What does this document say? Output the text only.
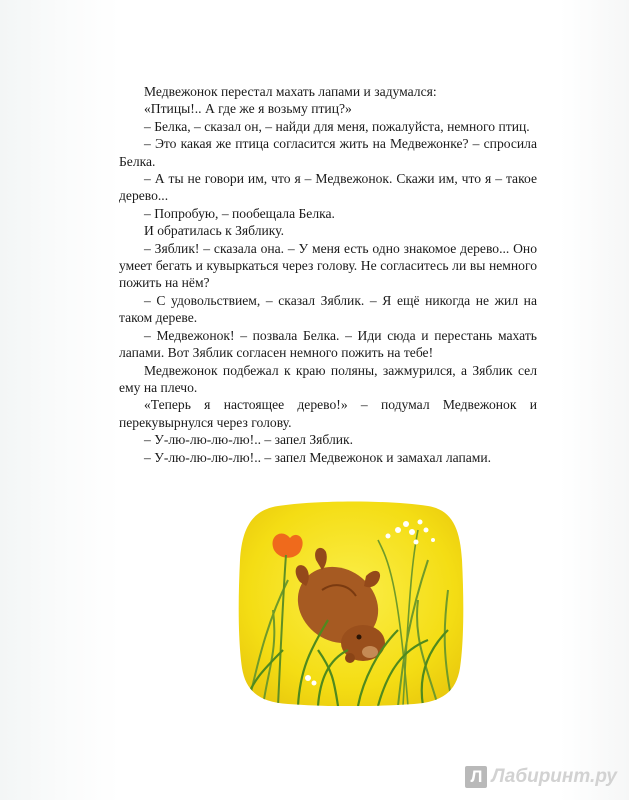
Медвежонок перестал махать лапами и задумался:

«Птицы!.. А где же я возьму птиц?»

– Белка, – сказал он, – найди для меня, пожалуйста, немного птиц.

– Это какая же птица согласится жить на Медвежонке? – спросила Белка.

– А ты не говори им, что я – Медвежонок. Скажи им, что я – такое дерево...

– Попробую, – пообещала Белка.

И обратилась к Зяблику.

– Зяблик! – сказала она. – У меня есть одно знакомое дерево... Оно умеет бегать и кувыркаться через голову. Не согласитесь ли вы немного пожить на нём?

– С удовольствием, – сказал Зяблик. – Я ещё никогда не жил на таком дереве.

– Медвежонок! – позвала Белка. – Иди сюда и перестань махать лапами. Вот Зяблик согласен немного пожить на тебе!

Медвежонок подбежал к краю поляны, зажмурился, а Зяблик сел ему на плечо.

«Теперь я настоящее дерево!» – подумал Медвежонок и перекувырнулся через голову.

– У-лю-лю-лю-лю!.. – запел Зяблик.

– У-лю-лю-лю-лю!.. – запел Медвежонок и замахал лапами.

Л Лабиринт.ру
